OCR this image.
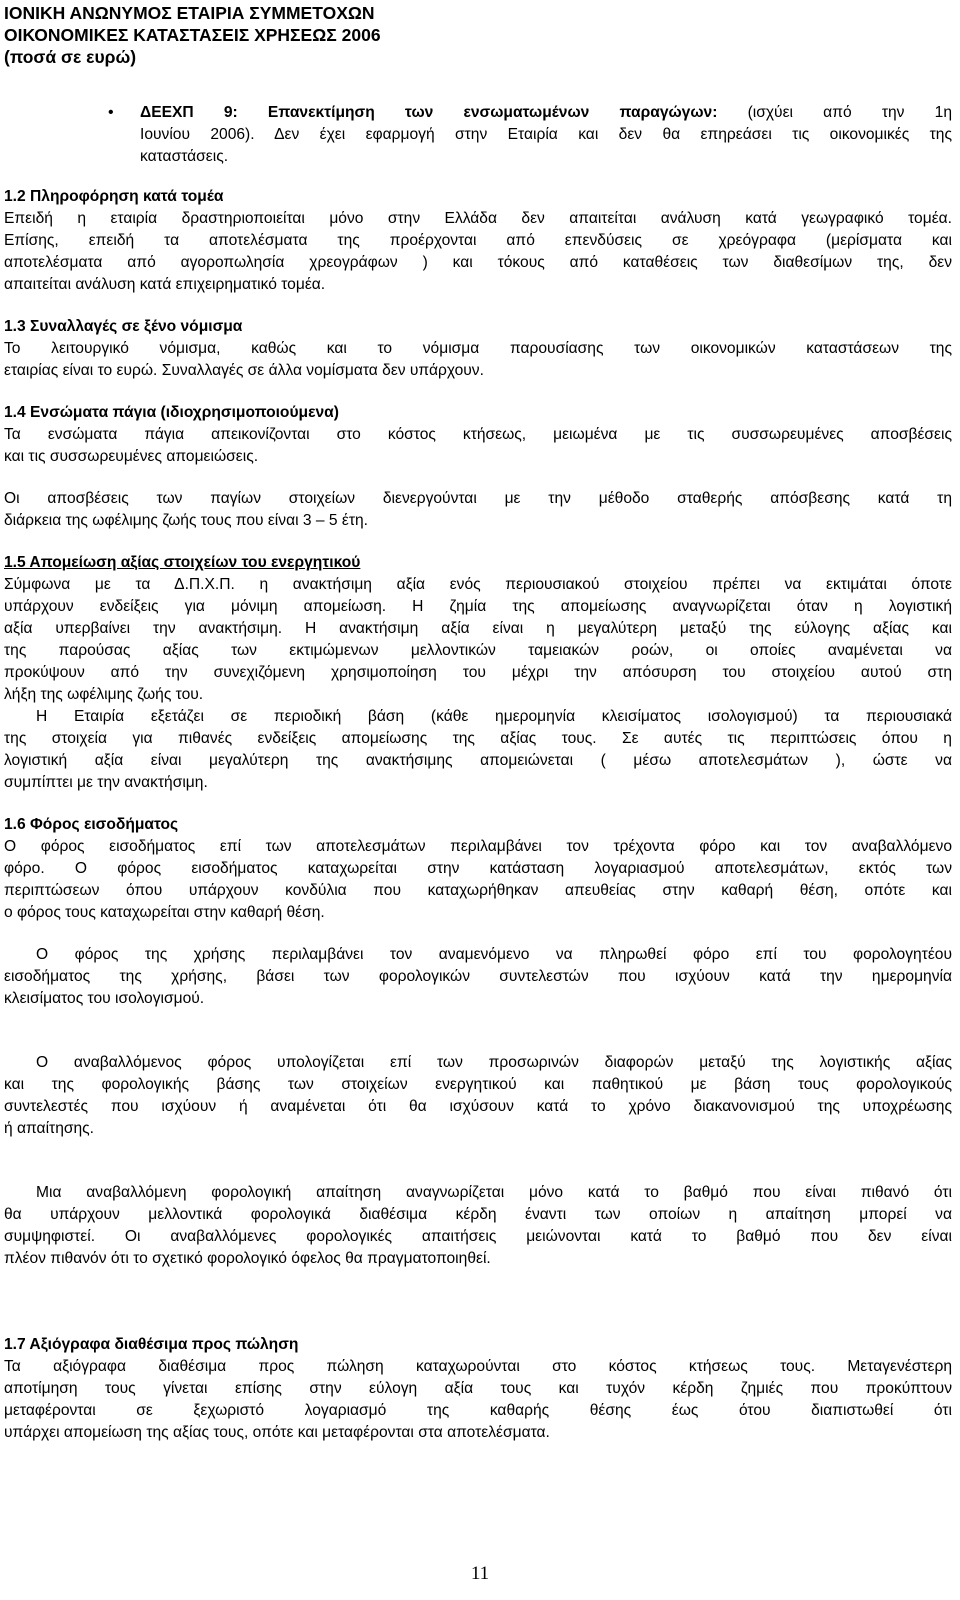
ΙΟΝΙΚΗ ΑΝΩΝΥΜΟΣ ΕΤΑΙΡΙΑ ΣΥΜΜΕΤΟΧΩΝ
ΟΙΚΟΝΟΜΙΚΕΣ ΚΑΤΑΣΤΑΣΕΙΣ ΧΡΗΣΕΩΣ 2006
(ποσά σε ευρώ)
• ΔΕΕΧΠ 9: Επανεκτίμηση των ενσωματωμένων παραγώγων: (ισχύει από την 1η
Ιουνίου 2006). Δεν έχει εφαρμογή στην Εταιρία και δεν θα επηρεάσει τις οικονομικές της
καταστάσεις.
1.2 Πληροφόρηση κατά τομέα
Επειδή η εταιρία δραστηριοποιείται μόνο στην Ελλάδα δεν απαιτείται ανάλυση κατά γεωγραφικό τομέα.
Επίσης, επειδή τα αποτελέσματα της προέρχονται από επενδύσεις σε χρεόγραφα (μερίσματα και
αποτελέσματα από αγοροπωλησία χρεογράφων ) και τόκους από καταθέσεις των διαθεσίμων της, δεν
απαιτείται ανάλυση κατά επιχειρηματικό τομέα.
1.3 Συναλλαγές σε ξένο νόμισμα
Το λειτουργικό νόμισμα, καθώς και το νόμισμα παρουσίασης των οικονομικών καταστάσεων της
εταιρίας είναι το ευρώ. Συναλλαγές σε άλλα νομίσματα δεν υπάρχουν.
1.4 Ενσώματα πάγια (ιδιοχρησιμοποιούμενα)
Τα ενσώματα πάγια απεικονίζονται στο κόστος κτήσεως, μειωμένα με τις συσσωρευμένες αποσβέσεις
και τις συσσωρευμένες απομειώσεις.
Οι αποσβέσεις των παγίων στοιχείων διενεργούνται με την μέθοδο σταθερής απόσβεσης κατά τη
διάρκεια της ωφέλιμης ζωής τους που είναι 3 – 5 έτη.
1.5 Απομείωση αξίας στοιχείων του ενεργητικού
Σύμφωνα με τα Δ.Π.Χ.Π. η ανακτήσιμη αξία ενός περιουσιακού στοιχείου πρέπει να εκτιμάται όποτε
υπάρχουν ενδείξεις για μόνιμη απομείωση. Η ζημία της απομείωσης αναγνωρίζεται όταν η λογιστική
αξία υπερβαίνει την ανακτήσιμη. Η ανακτήσιμη αξία είναι η μεγαλύτερη μεταξύ της εύλογης αξίας και
της παρούσας αξίας των εκτιμώμενων μελλοντικών ταμειακών ροών, οι οποίες αναμένεται να
προκύψουν από την συνεχιζόμενη χρησιμοποίηση του μέχρι την απόσυρση του στοιχείου αυτού στη
λήξη της ωφέλιμης ζωής του.
Η Εταιρία εξετάζει σε περιοδική βάση (κάθε ημερομηνία κλεισίματος ισολογισμού) τα περιουσιακά
της στοιχεία για πιθανές ενδείξεις απομείωσης της αξίας τους. Σε αυτές τις περιπτώσεις όπου η
λογιστική αξία είναι μεγαλύτερη της ανακτήσιμης απομειώνεται ( μέσω αποτελεσμάτων ), ώστε να
συμπίπτει με την ανακτήσιμη.
1.6 Φόρος εισοδήματος
Ο φόρος εισοδήματος επί των αποτελεσμάτων περιλαμβάνει τον τρέχοντα φόρο και τον αναβαλλόμενο
φόρο. Ο φόρος εισοδήματος καταχωρείται στην κατάσταση λογαριασμού αποτελεσμάτων, εκτός των
περιπτώσεων όπου υπάρχουν κονδύλια που καταχωρήθηκαν απευθείας στην καθαρή θέση, οπότε και
ο φόρος τους καταχωρείται στην καθαρή θέση.
Ο φόρος της χρήσης περιλαμβάνει τον αναμενόμενο να πληρωθεί φόρο επί του φορολογητέου
εισοδήματος της χρήσης, βάσει των φορολογικών συντελεστών που ισχύουν κατά την ημερομηνία
κλεισίματος του ισολογισμού.
Ο αναβαλλόμενος φόρος υπολογίζεται επί των προσωρινών διαφορών μεταξύ της λογιστικής αξίας
και της φορολογικής βάσης των στοιχείων ενεργητικού και παθητικού με βάση τους φορολογικούς
συντελεστές που ισχύουν ή αναμένεται ότι θα ισχύσουν κατά το χρόνο διακανονισμού της υποχρέωσης
ή απαίτησης.
Μια αναβαλλόμενη φορολογική απαίτηση αναγνωρίζεται μόνο κατά το βαθμό που είναι πιθανό ότι
θα υπάρχουν μελλοντικά φορολογικά διαθέσιμα κέρδη έναντι των οποίων η απαίτηση μπορεί να
συμψηφιστεί. Οι αναβαλλόμενες φορολογικές απαιτήσεις μειώνονται κατά το βαθμό που δεν είναι
πλέον πιθανόν ότι το σχετικό φορολογικό όφελος θα πραγματοποιηθεί.
1.7 Αξιόγραφα διαθέσιμα προς πώληση
Τα αξιόγραφα διαθέσιμα προς πώληση καταχωρούνται στο κόστος κτήσεως τους. Μεταγενέστερη
αποτίμηση τους γίνεται επίσης στην εύλογη αξία τους και τυχόν κέρδη ζημιές που προκύπτουν
μεταφέρονται σε ξεχωριστό λογαριασμό της καθαρής θέσης έως ότου διαπιστωθεί ότι
υπάρχει απομείωση της αξίας τους, οπότε και μεταφέρονται στα αποτελέσματα.
11
